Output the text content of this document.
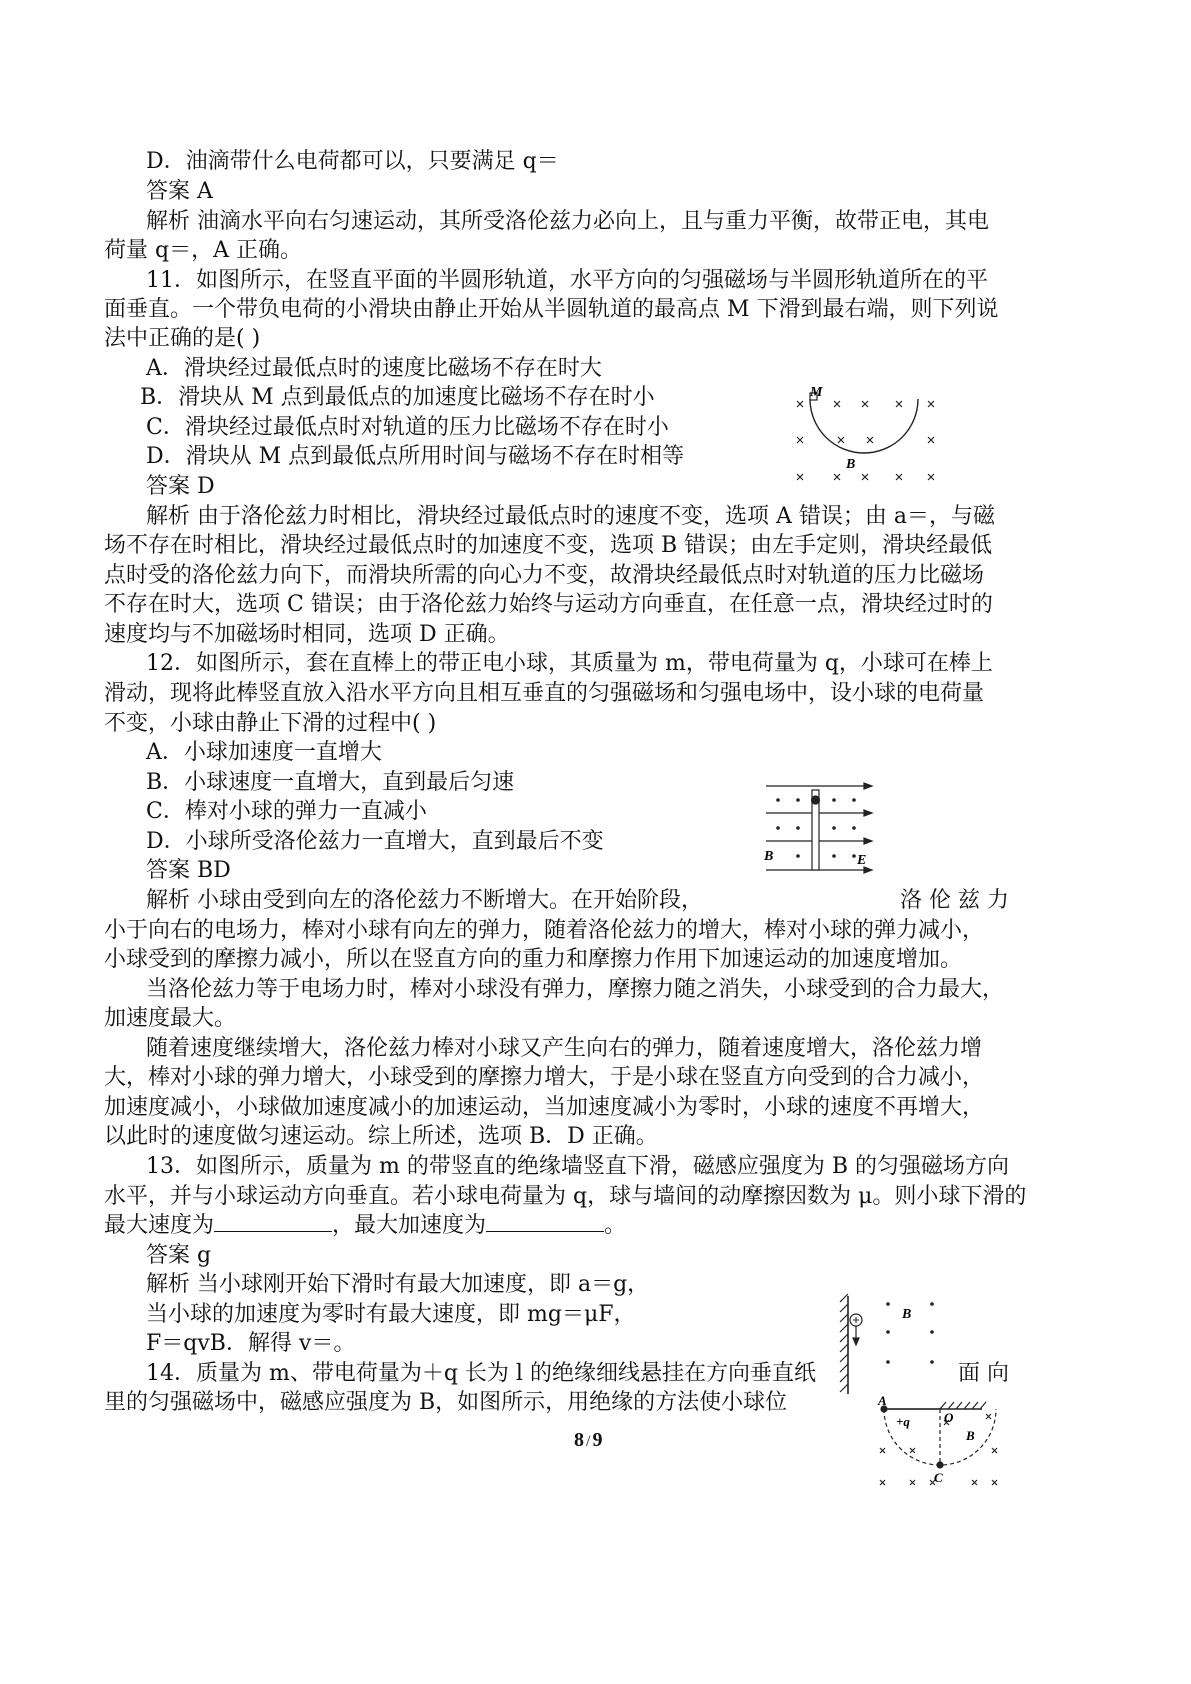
D．油滴带什么电荷都可以，只要满足 q＝
答案 A
解析 油滴水平向右匀速运动，其所受洛伦兹力必向上，且与重力平衡，故带正电，其电
荷量 q＝，A 正确。
11．如图所示，在竖直平面的半圆形轨道，水平方向的匀强磁场与半圆形轨道所在的平
面垂直。一个带负电荷的小滑块由静止开始从半圆轨道的最高点 M 下滑到最右端，则下列说
法中正确的是( )
A．滑块经过最低点时的速度比磁场不存在时大
B．滑块从 M 点到最低点的加速度比磁场不存在时小
C．滑块经过最低点时对轨道的压力比磁场不存在时小
D．滑块从 M 点到最低点所用时间与磁场不存在时相等
答案 D
解析 由于洛伦兹力时相比，滑块经过最低点时的速度不变，选项 A 错误；由 a＝，与磁
场不存在时相比，滑块经过最低点时的加速度不变，选项 B 错误；由左手定则，滑块经最低
点时受的洛伦兹力向下，而滑块所需的向心力不变，故滑块经最低点时对轨道的压力比磁场
不存在时大，选项 C 错误；由于洛伦兹力始终与运动方向垂直，在任意一点，滑块经过时的
速度均与不加磁场时相同，选项 D 正确。
12．如图所示，套在直棒上的带正电小球，其质量为 m，带电荷量为 q，小球可在棒上
滑动，现将此棒竖直放入沿水平方向且相互垂直的匀强磁场和匀强电场中，设小球的电荷量
不变，小球由静止下滑的过程中( )
A．小球加速度一直增大
B．小球速度一直增大，直到最后匀速
C．棒对小球的弹力一直减小
D．小球所受洛伦兹力一直增大，直到最后不变
答案 BD
解析 小球由受到向左的洛伦兹力不断增大。在开始阶段，	洛 伦 兹 力
小于向右的电场力，棒对小球有向左的弹力，随着洛伦兹力的增大，棒对小球的弹力减小，
小球受到的摩擦力减小，所以在竖直方向的重力和摩擦力作用下加速运动的加速度增加。
当洛伦兹力等于电场力时，棒对小球没有弹力，摩擦力随之消失，小球受到的合力最大，
加速度最大。
随着速度继续增大，洛伦兹力棒对小球又产生向右的弹力，随着速度增大，洛伦兹力增
大，棒对小球的弹力增大，小球受到的摩擦力增大，于是小球在竖直方向受到的合力减小，
加速度减小，小球做加速度减小的加速运动，当加速度减小为零时，小球的速度不再增大，
以此时的速度做匀速运动。综上所述，选项 B．D 正确。
13．如图所示，质量为 m 的带竖直的绝缘墙竖直下滑，磁感应强度为 B 的匀强磁场方向
水平，并与小球运动方向垂直。若小球电荷量为 q，球与墙间的动摩擦因数为 μ。则小球下滑的
最大速度为	，最大加速度为	。
答案 g
解析 当小球刚开始下滑时有最大加速度，即 a＝g，
当小球的加速度为零时有最大速度，即 mg＝μF，
F＝qvB．解得 v＝。
14．质量为 m、带电荷量为＋q 长为 l 的绝缘细线悬挂在方向垂直纸	面 向
里的匀强磁场中，磁感应强度为 B，如图所示，用绝缘的方法使小球位
M
B
B	E
B
A
+q	O
B
C
8 / 9
